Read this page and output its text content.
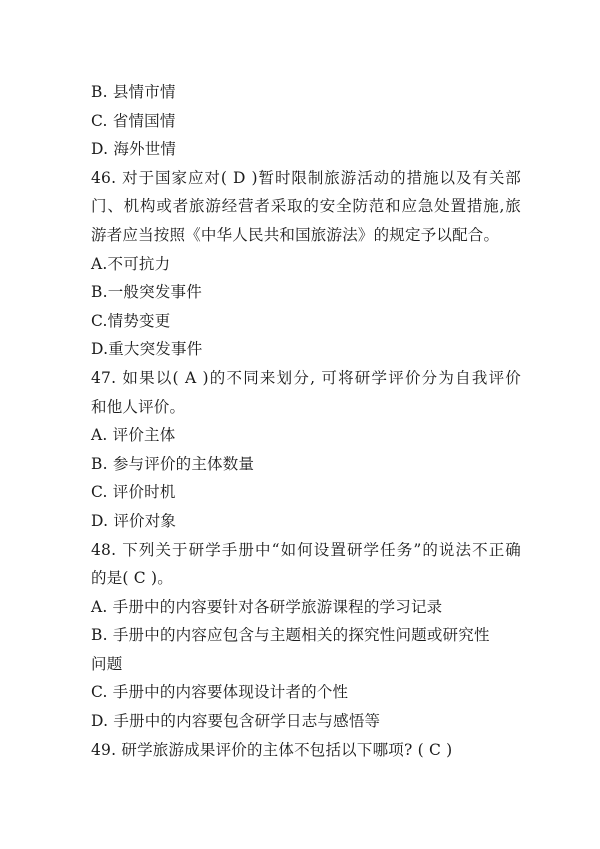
B. 县情市情
C. 省情国情
D. 海外世情
46. 对于国家应对( D )暂时限制旅游活动的措施以及有关部
门、机构或者旅游经营者采取的安全防范和应急处置措施,旅
游者应当按照《中华人民共和国旅游法》的规定予以配合。
A.不可抗力
B.一般突发事件
C.情势变更
D.重大突发事件
47. 如果以( A )的不同来划分, 可将研学评价分为自我评价
和他人评价。
A. 评价主体
B. 参与评价的主体数量
C. 评价时机
D. 评价对象
48. 下列关于研学手册中“如何设置研学任务”的说法不正确
的是( C )。
A. 手册中的内容要针对各研学旅游课程的学习记录
B. 手册中的内容应包含与主题相关的探究性问题或研究性
问题
C. 手册中的内容要体现设计者的个性
D. 手册中的内容要包含研学日志与感悟等
49. 研学旅游成果评价的主体不包括以下哪项? ( C )
